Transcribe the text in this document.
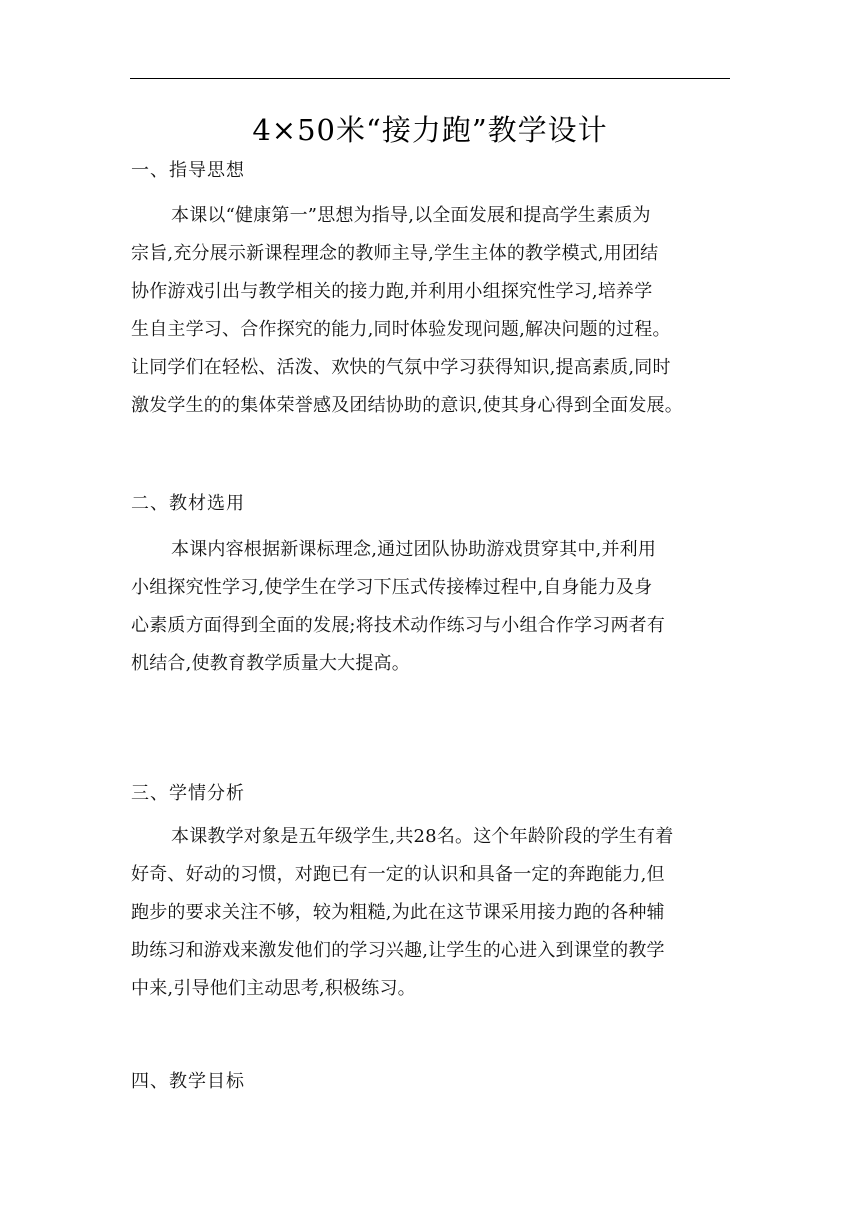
4×50米“接力跑”教学设计
一、指导思想
本课以“健康第一”思想为指导,以全面发展和提高学生素质为
宗旨,充分展示新课程理念的教师主导,学生主体的教学模式,用团结
协作游戏引出与教学相关的接力跑,并利用小组探究性学习,培养学
生自主学习、合作探究的能力,同时体验发现问题,解决问题的过程。
让同学们在轻松、活泼、欢快的气氛中学习获得知识,提高素质,同时
激发学生的的集体荣誉感及团结协助的意识,使其身心得到全面发展。
二、教材选用
本课内容根据新课标理念,通过团队协助游戏贯穿其中,并利用
小组探究性学习,使学生在学习下压式传接棒过程中,自身能力及身
心素质方面得到全面的发展;将技术动作练习与小组合作学习两者有
机结合,使教育教学质量大大提高。
三、学情分析
本课教学对象是五年级学生,共28名。这个年龄阶段的学生有着
好奇、好动的习惯，对跑已有一定的认识和具备一定的奔跑能力,但
跑步的要求关注不够，较为粗糙,为此在这节课采用接力跑的各种辅
助练习和游戏来激发他们的学习兴趣,让学生的心进入到课堂的教学
中来,引导他们主动思考,积极练习。
四、教学目标
